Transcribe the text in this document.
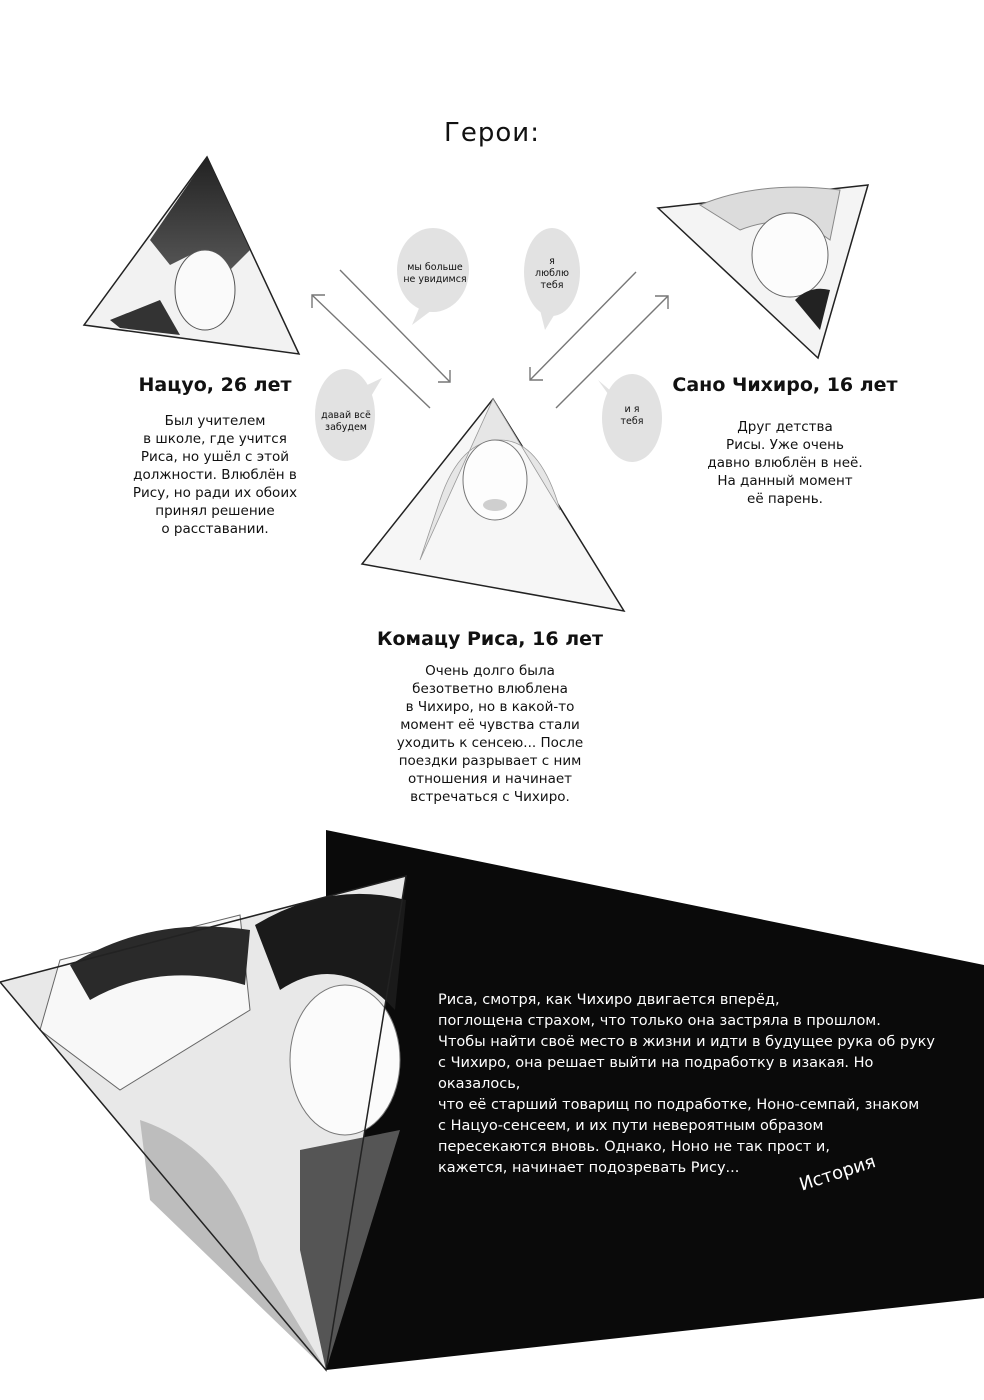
Герои:
Нацуо, 26 лет
Был учителем
в школе, где учится
Риса, но ушёл с этой
должности. Влюблён в
Рису, но ради их обоих
принял решение
о расставании.
Сано Чихиро, 16 лет
Друг детства
Рисы. Уже очень
давно влюблён в неё.
На данный момент
её парень.
Комацу Риса, 16 лет
Очень долго была
безответно влюблена
в Чихиро, но в какой-то
момент её чувства стали
уходить к сенсею... После
поездки разрывает с ним
отношения и начинает
встречаться с Чихиро.
мы больше
не увидимся
я
люблю
тебя
давай всё
забудем
и я
тебя
Риса, смотря, как Чихиро двигается вперёд,
поглощена страхом, что только она застряла в прошлом.
Чтобы найти своё место в жизни и идти в будущее рука об руку
с Чихиро, она решает выйти на подработку в изакая. Но оказалось,
что её старший товарищ по подработке, Ноно-семпай, знаком
с Нацуо-сенсеем, и их пути невероятным образом
пересекаются вновь. Однако, Ноно не так прост и,
кажется, начинает подозревать Рису...	История
